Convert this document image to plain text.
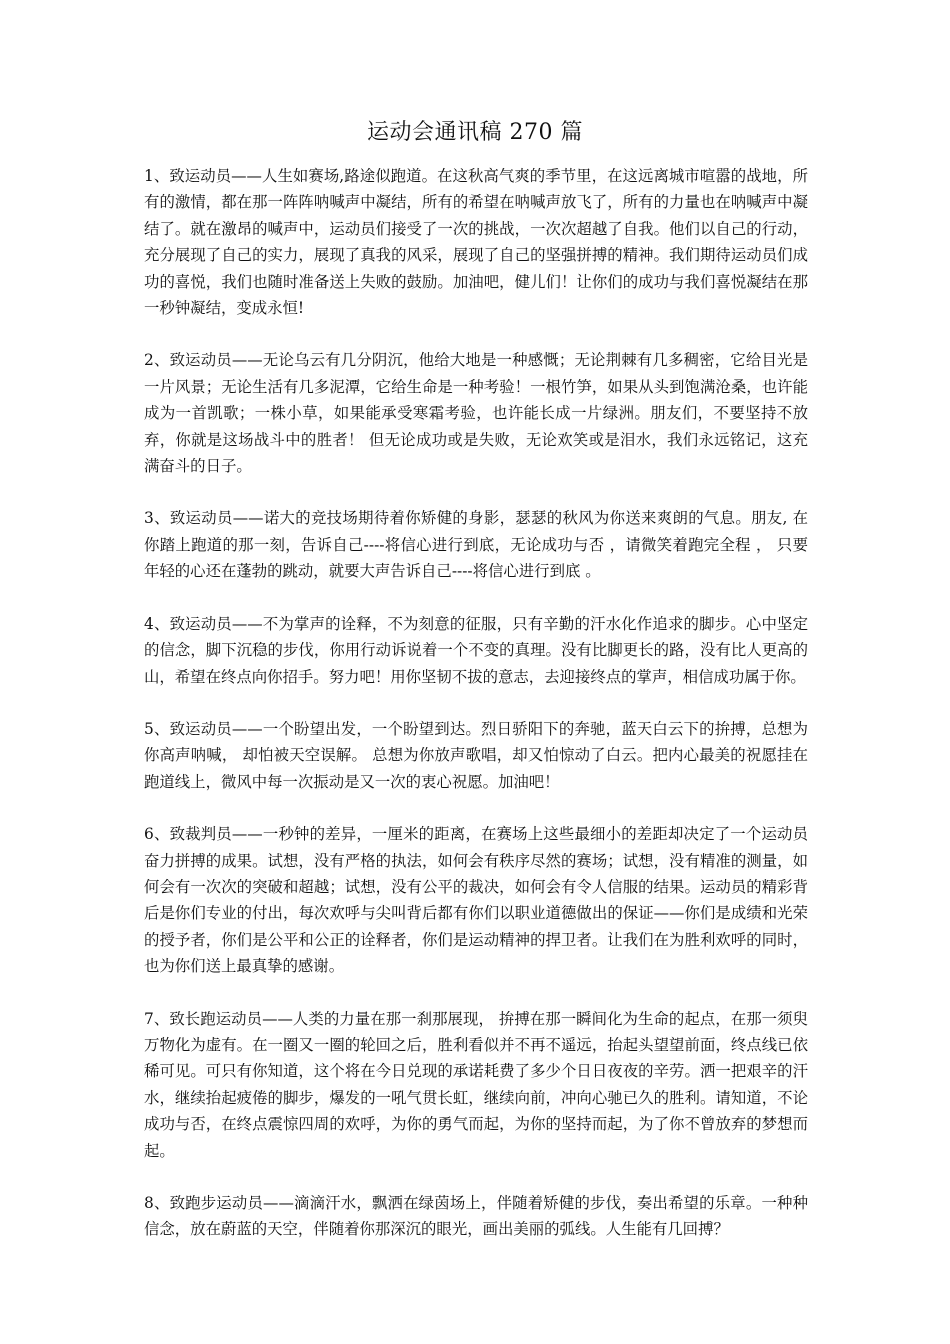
运动会通讯稿 270 篇

1、致运动员——人生如赛场,路途似跑道。在这秋高气爽的季节里，在这远离城市喧嚣的战地，所有的激情，都在那一阵阵呐喊声中凝结，所有的希望在呐喊声放飞了，所有的力量也在呐喊声中凝结了。就在激昂的喊声中，运动员们接受了一次的挑战，一次次超越了自我。他们以自己的行动，充分展现了自己的实力，展现了真我的风采，展现了自己的坚强拼搏的精神。我们期待运动员们成功的喜悦，我们也随时准备送上失败的鼓励。加油吧，健儿们！让你们的成功与我们喜悦凝结在那一秒钟凝结，变成永恒!

2、致运动员——无论乌云有几分阴沉，他给大地是一种感慨；无论荆棘有几多稠密，它给目光是一片风景；无论生活有几多泥潭，它给生命是一种考验！一根竹笋，如果从头到饱满沧桑，也许能成为一首凯歌；一株小草，如果能承受寒霜考验，也许能长成一片绿洲。朋友们，不要坚持不放弃，你就是这场战斗中的胜者！ 但无论成功或是失败，无论欢笑或是泪水，我们永远铭记，这充满奋斗的日子。

3、致运动员——诺大的竞技场期待着你矫健的身影，瑟瑟的秋风为你送来爽朗的气息。朋友, 在你踏上跑道的那一刻，告诉自己----将信心进行到底，无论成功与否 ，请微笑着跑完全程 ， 只要年轻的心还在蓬勃的跳动，就要大声告诉自己----将信心进行到底 。

4、致运动员——不为掌声的诠释，不为刻意的征服，只有辛勤的汗水化作追求的脚步。心中坚定的信念，脚下沉稳的步伐，你用行动诉说着一个不变的真理。没有比脚更长的路，没有比人更高的山，希望在终点向你招手。努力吧！用你坚韧不拔的意志，去迎接终点的掌声，相信成功属于你。

5、致运动员——一个盼望出发，一个盼望到达。烈日骄阳下的奔驰，蓝天白云下的拚搏，总想为你高声呐喊， 却怕被天空误解。 总想为你放声歌唱，却又怕惊动了白云。把内心最美的祝愿挂在跑道线上，微风中每一次振动是又一次的衷心祝愿。加油吧！

6、致裁判员——一秒钟的差异，一厘米的距离，在赛场上这些最细小的差距却决定了一个运动员奋力拼搏的成果。试想，没有严格的执法，如何会有秩序尽然的赛场；试想，没有精准的测量，如何会有一次次的突破和超越；试想，没有公平的裁决，如何会有令人信服的结果。运动员的精彩背后是你们专业的付出，每次欢呼与尖叫背后都有你们以职业道德做出的保证——你们是成绩和光荣的授予者，你们是公平和公正的诠释者，你们是运动精神的捍卫者。让我们在为胜利欢呼的同时，也为你们送上最真挚的感谢。

7、致长跑运动员——人类的力量在那一刹那展现， 拚搏在那一瞬间化为生命的起点，在那一须臾万物化为虚有。在一圈又一圈的轮回之后，胜利看似并不再不遥远，抬起头望望前面，终点线已依稀可见。可只有你知道，这个将在今日兑现的承诺耗费了多少个日日夜夜的辛劳。洒一把艰辛的汗水，继续抬起疲倦的脚步，爆发的一吼气贯长虹，继续向前，冲向心驰已久的胜利。请知道，不论成功与否，在终点震惊四周的欢呼，为你的勇气而起，为你的坚持而起，为了你不曾放弃的梦想而起。

8、致跑步运动员——滴滴汗水，飘洒在绿茵场上，伴随着矫健的步伐，奏出希望的乐章。一种种信念，放在蔚蓝的天空，伴随着你那深沉的眼光，画出美丽的弧线。人生能有几回搏？
